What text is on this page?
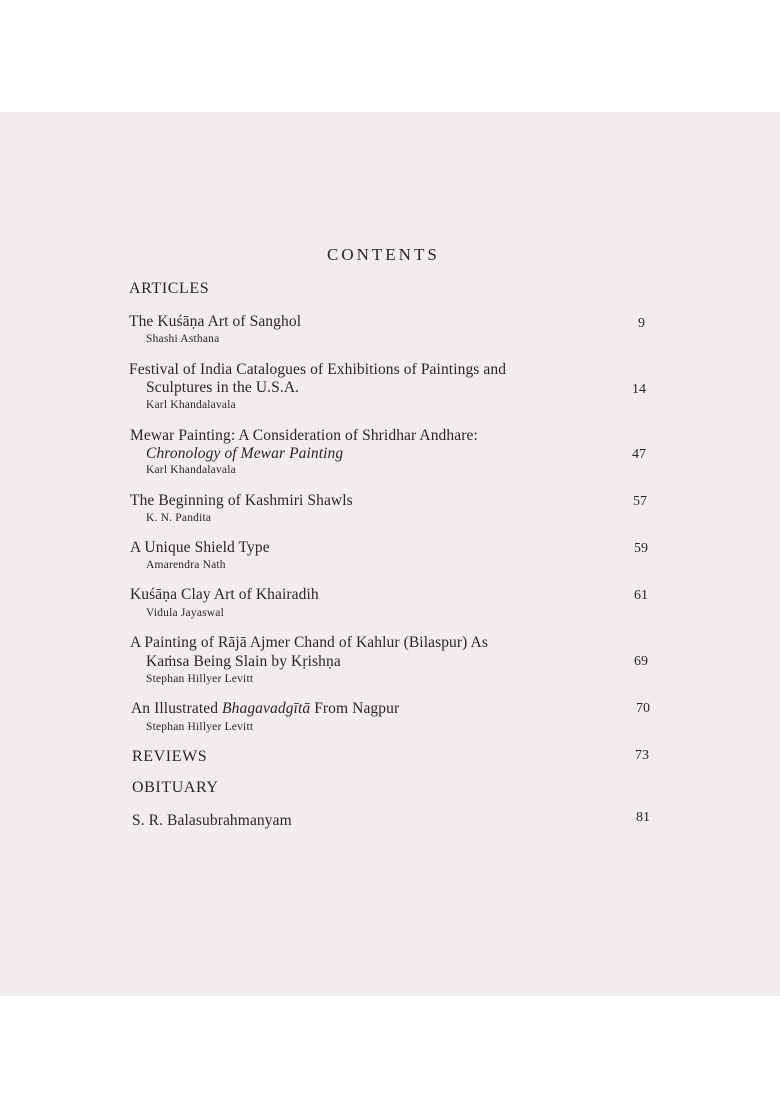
CONTENTS
ARTICLES
The Kuśāṇa Art of Sanghol
Shashi Asthana
9
Festival of India Catalogues of Exhibitions of Paintings and
Sculptures in the U.S.A.
Karl Khandalavala
14
Mewar Painting: A Consideration of Shridhar Andhare:
Chronology of Mewar Painting
Karl Khandalavala
47
The Beginning of Kashmiri Shawls
K. N. Pandita
57
A Unique Shield Type
Amarendra Nath
59
Kuśāṇa Clay Art of Khairadih
Vidula Jayaswal
61
A Painting of Rājā Ajmer Chand of Kahlur (Bilaspur) As
Kaṁsa Being Slain by Kṛishṇa
Stephan Hillyer Levitt
69
An Illustrated Bhagavadgītā From Nagpur
Stephan Hillyer Levitt
70
REVIEWS	73
OBITUARY
S. R. Balasubrahmanyam	81
